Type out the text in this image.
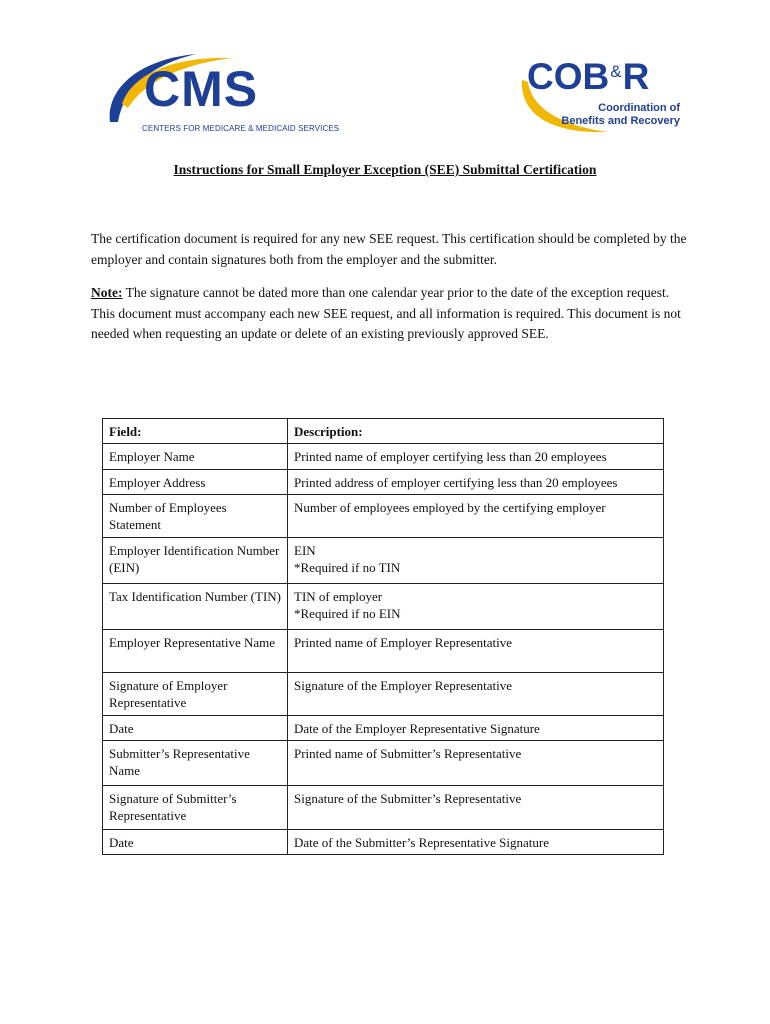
CMS
CENTERS FOR MEDICARE & MEDICAID SERVICES
COB&R
Coordination of
Benefits and Recovery
Instructions for Small Employer Exception (SEE) Submittal Certification

The certification document is required for any new SEE request. This certification should be completed by the employer and contain signatures both from the employer and the submitter.

Note: The signature cannot be dated more than one calendar year prior to the date of the exception request. This document must accompany each new SEE request, and all information is required. This document is not needed when requesting an update or delete of an existing previously approved SEE.

Field:	Description:
Employer Name	Printed name of employer certifying less than 20 employees
Employer Address	Printed address of employer certifying less than 20 employees
Number of Employees Statement	Number of employees employed by the certifying employer
Employer Identification Number (EIN)	EIN
*Required if no TIN

Tax Identification Number (TIN)	TIN of employer
*Required if no EIN

Employer Representative Name	Printed name of Employer Representative
Signature of Employer Representative	Signature of the Employer Representative
Date	Date of the Employer Representative Signature
Submitter’s Representative Name	Printed name of Submitter’s Representative
Signature of Submitter’s Representative	Signature of the Submitter’s Representative
Date	Date of the Submitter’s Representative Signature
